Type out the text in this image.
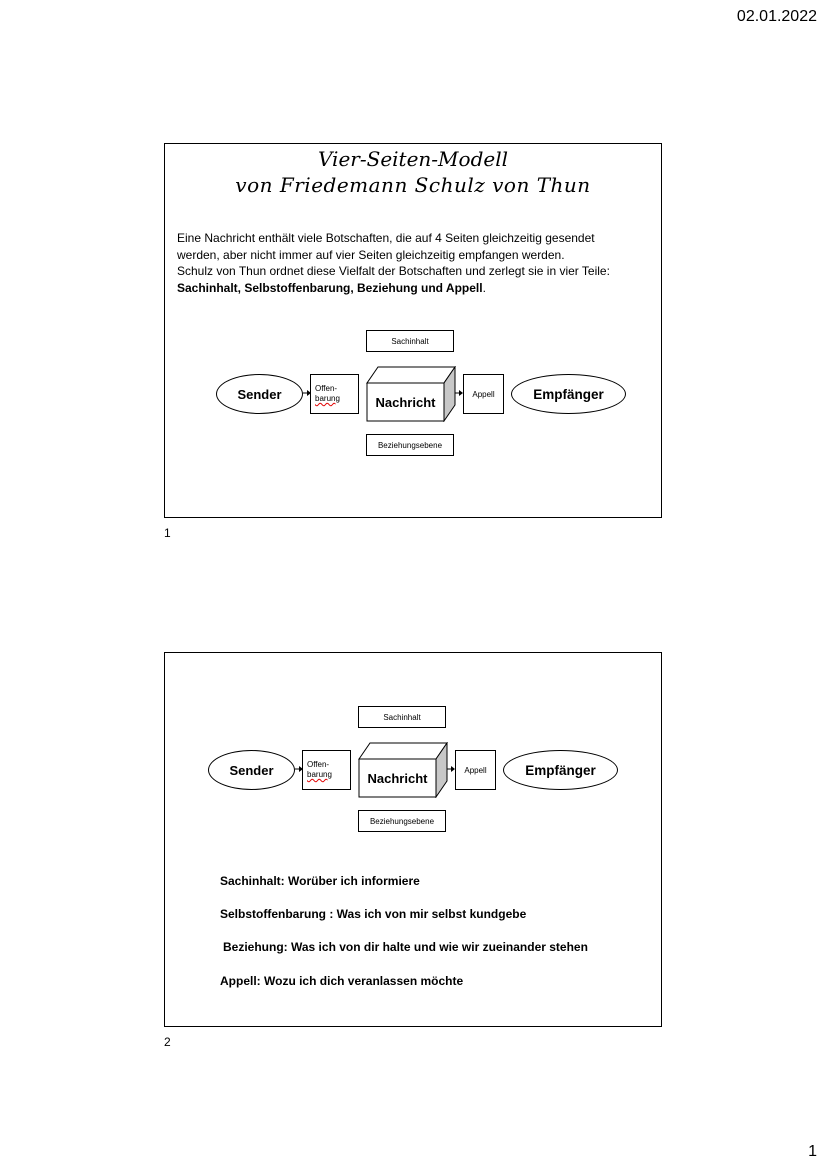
02.01.2022
Vier-Seiten-Modell
von Friedemann Schulz von Thun

Eine Nachricht enthält viele Botschaften, die auf 4 Seiten gleichzeitig gesendet

werden, aber nicht immer auf vier Seiten gleichzeitig empfangen werden.

Schulz von Thun ordnet diese Vielfalt der Botschaften und zerlegt sie in vier Teile:

Sachinhalt, Selbstoffenbarung, Beziehung und Appell.

Sachinhalt
Sender	Offen-
barung	Nachricht
Appell	Empfänger
Beziehungsebene
1
Sachinhalt
Sender	Offen-
barung	Nachricht
Appell	Empfänger
Beziehungsebene
Sachinhalt: Worüber ich informiere
Selbstoffenbarung : Was ich von mir selbst kundgebe
Beziehung: Was ich von dir halte und wie wir zueinander stehen
Appell: Wozu ich dich veranlassen möchte
2
1
